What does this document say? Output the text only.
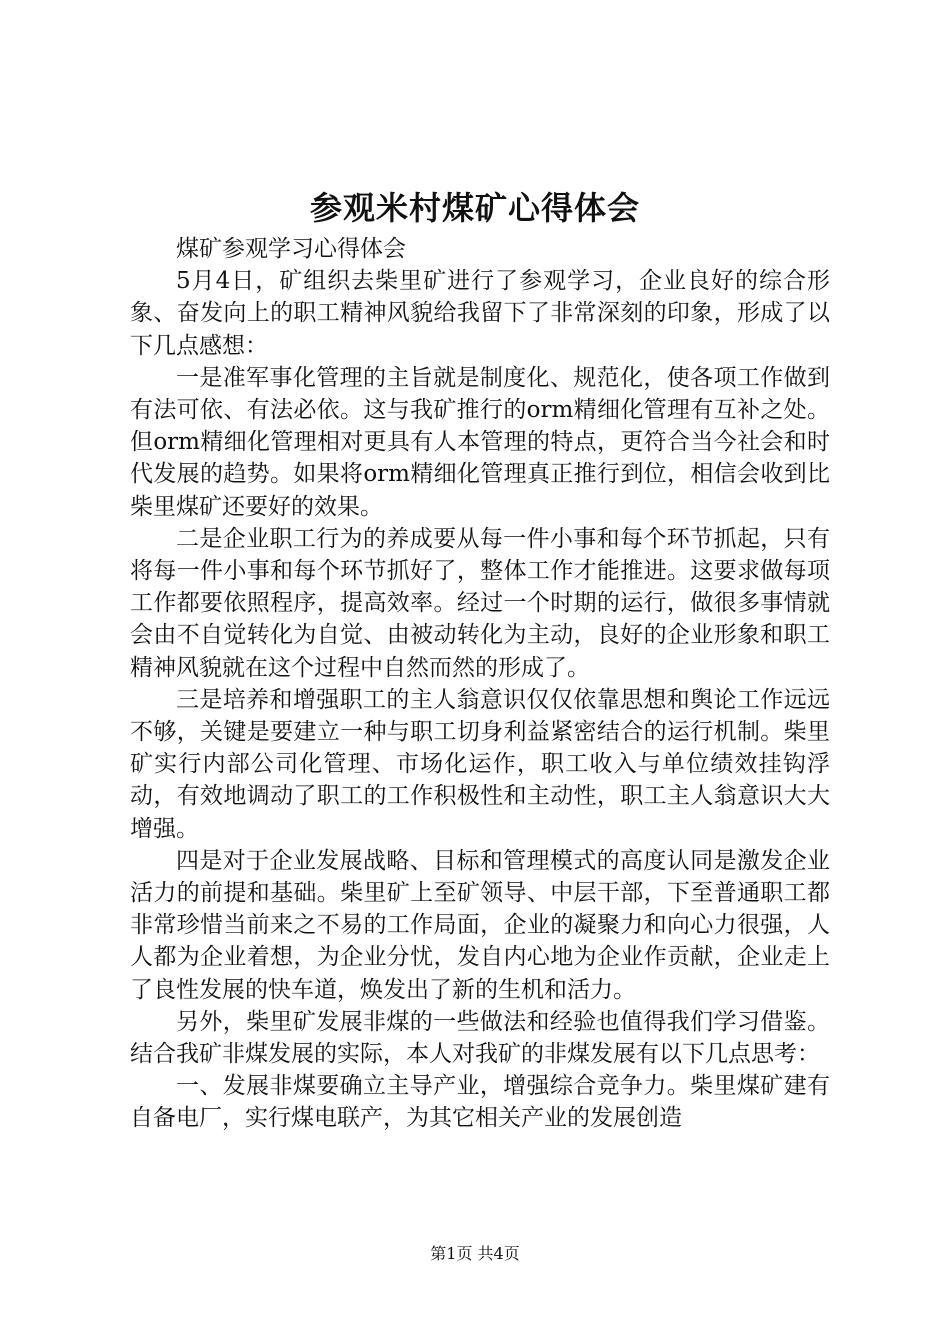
参观米村煤矿心得体会

煤矿参观学习心得体会

5月4日，矿组织去柴里矿进行了参观学习，企业良好的综合形象、奋发向上的职工精神风貌给我留下了非常深刻的印象，形成了以下几点感想：

一是准军事化管理的主旨就是制度化、规范化，使各项工作做到有法可依、有法必依。这与我矿推行的orm精细化管理有互补之处。但orm精细化管理相对更具有人本管理的特点，更符合当今社会和时代发展的趋势。如果将orm精细化管理真正推行到位，相信会收到比柴里煤矿还要好的效果。

二是企业职工行为的养成要从每一件小事和每个环节抓起，只有将每一件小事和每个环节抓好了，整体工作才能推进。这要求做每项工作都要依照程序，提高效率。经过一个时期的运行，做很多事情就会由不自觉转化为自觉、由被动转化为主动，良好的企业形象和职工精神风貌就在这个过程中自然而然的形成了。

三是培养和增强职工的主人翁意识仅仅依靠思想和舆论工作远远不够，关键是要建立一种与职工切身利益紧密结合的运行机制。柴里矿实行内部公司化管理、市场化运作，职工收入与单位绩效挂钩浮动，有效地调动了职工的工作积极性和主动性，职工主人翁意识大大增强。

四是对于企业发展战略、目标和管理模式的高度认同是激发企业活力的前提和基础。柴里矿上至矿领导、中层干部，下至普通职工都非常珍惜当前来之不易的工作局面，企业的凝聚力和向心力很强，人人都为企业着想，为企业分忧，发自内心地为企业作贡献，企业走上了良性发展的快车道，焕发出了新的生机和活力。

另外，柴里矿发展非煤的一些做法和经验也值得我们学习借鉴。结合我矿非煤发展的实际，本人对我矿的非煤发展有以下几点思考：

一、发展非煤要确立主导产业，增强综合竞争力。柴里煤矿建有自备电厂，实行煤电联产，为其它相关产业的发展创造

第1页 共4页
